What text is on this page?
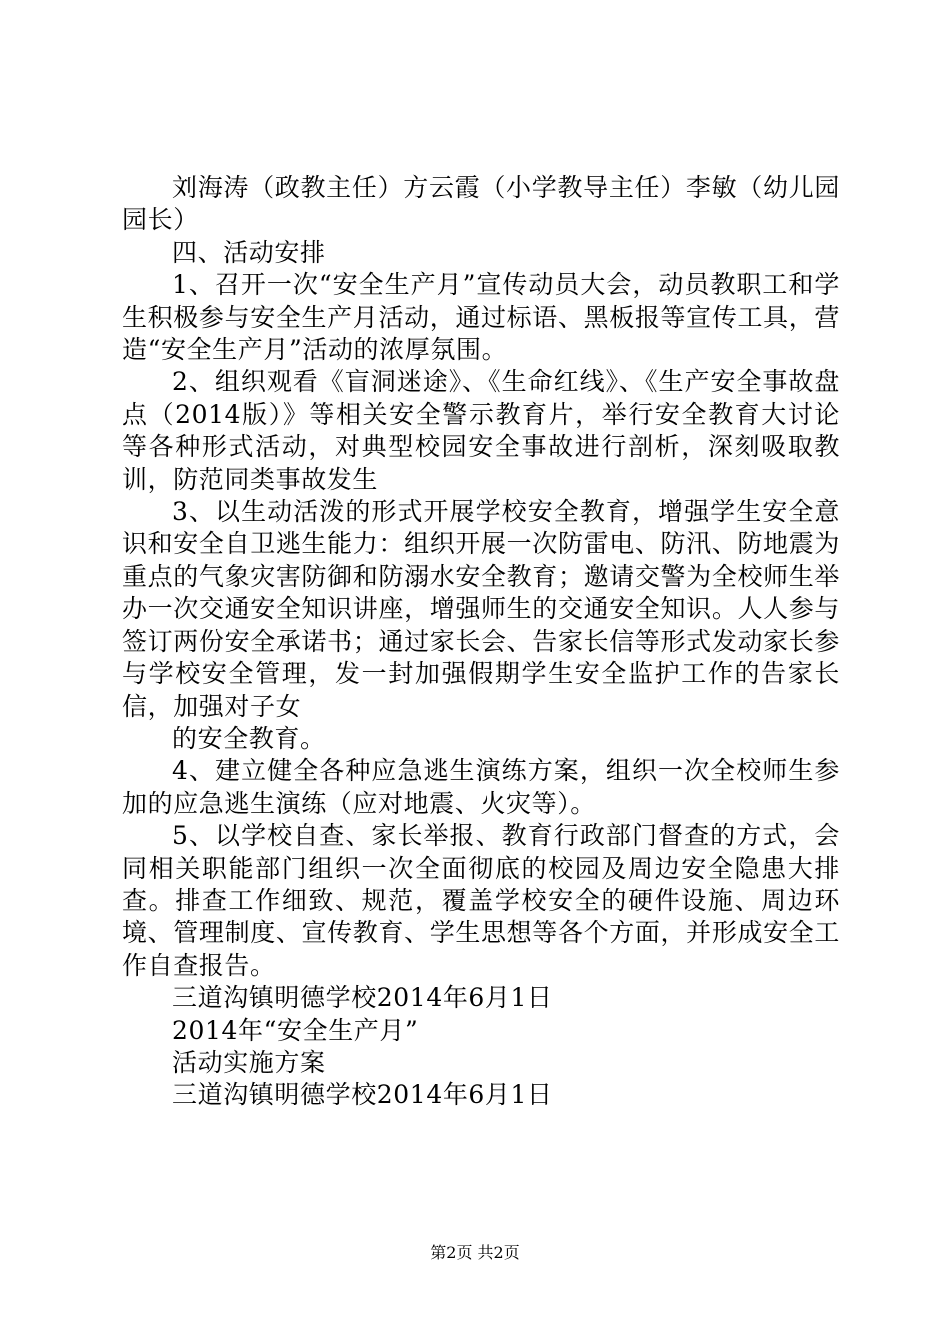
刘海涛（政教主任）方云霞（小学教导主任）李敏（幼儿园园长）

四、活动安排

1、召开一次“安全生产月”宣传动员大会，动员教职工和学生积极参与安全生产月活动，通过标语、黑板报等宣传工具，营造“安全生产月”活动的浓厚氛围。

2、组织观看《盲洞迷途》、《生命红线》、《生产安全事故盘点（2014版）》等相关安全警示教育片，举行安全教育大讨论等各种形式活动，对典型校园安全事故进行剖析，深刻吸取教训，防范同类事故发生

3、以生动活泼的形式开展学校安全教育，增强学生安全意识和安全自卫逃生能力：组织开展一次防雷电、防汛、防地震为重点的气象灾害防御和防溺水安全教育；邀请交警为全校师生举办一次交通安全知识讲座，增强师生的交通安全知识。人人参与签订两份安全承诺书；通过家长会、告家长信等形式发动家长参与学校安全管理，发一封加强假期学生安全监护工作的告家长信，加强对子女

的安全教育。

4、建立健全各种应急逃生演练方案，组织一次全校师生参加的应急逃生演练（应对地震、火灾等）。

5、以学校自查、家长举报、教育行政部门督查的方式，会同相关职能部门组织一次全面彻底的校园及周边安全隐患大排查。排查工作细致、规范，覆盖学校安全的硬件设施、周边环境、管理制度、宣传教育、学生思想等各个方面，并形成安全工作自查报告。

三道沟镇明德学校2014年6月1日

2014年“安全生产月”

活动实施方案

三道沟镇明德学校2014年6月1日

第2页 共2页
